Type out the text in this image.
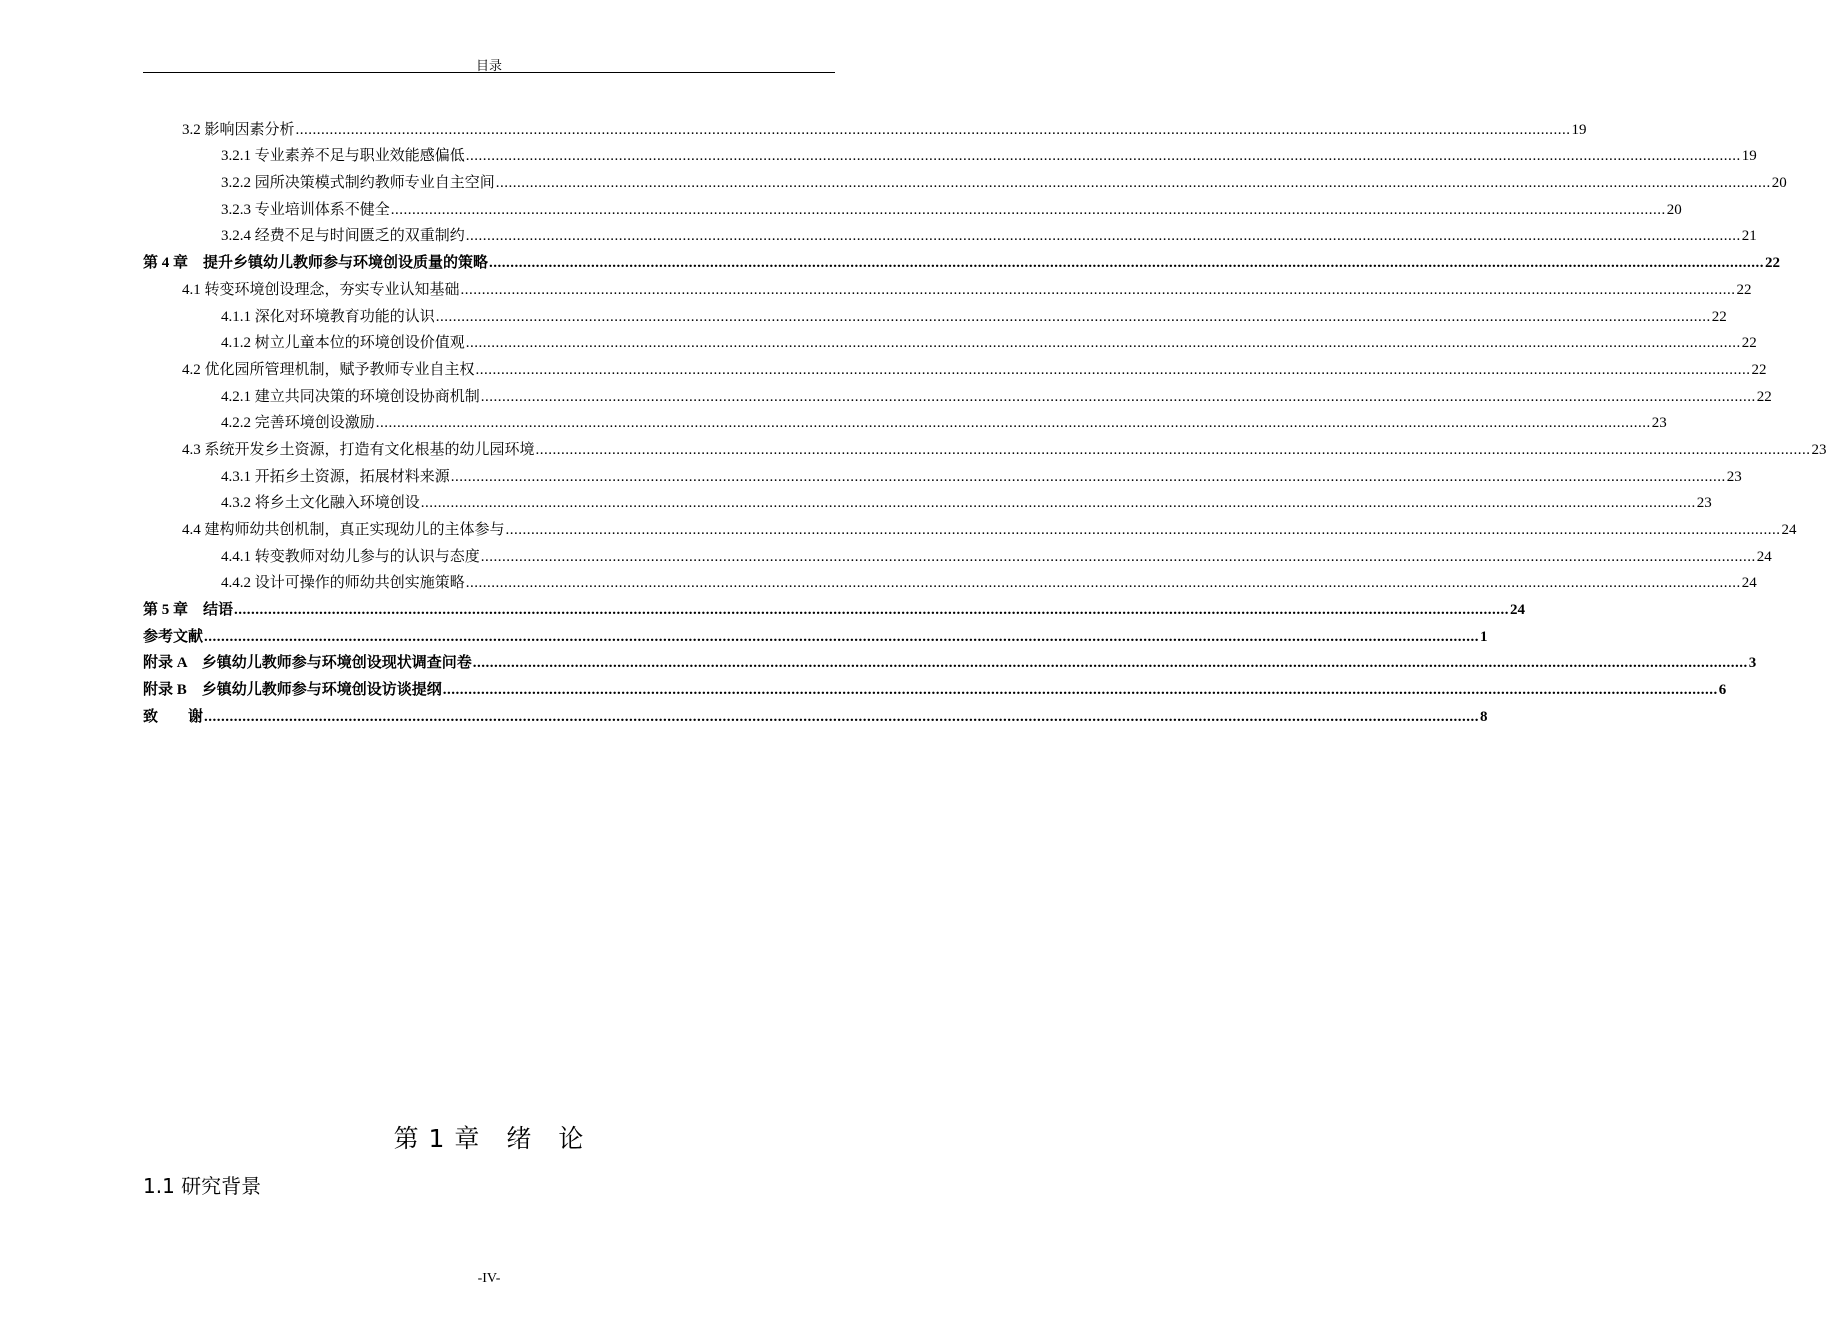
目录
3.2 影响因素分析 ............................................................................................................................................................................................................................................................................................................ 19
3.2.1 专业素养不足与职业效能感偏低 ............................................................................................................................................................................................................................................................................................................ 19
3.2.2 园所决策模式制约教师专业自主空间 ............................................................................................................................................................................................................................................................................................................ 20
3.2.3 专业培训体系不健全 ............................................................................................................................................................................................................................................................................................................ 20
3.2.4 经费不足与时间匮乏的双重制约 ............................................................................................................................................................................................................................................................................................................ 21
第 4 章　提升乡镇幼儿教师参与环境创设质量的策略 ............................................................................................................................................................................................................................................................................................................ 22
4.1 转变环境创设理念，夯实专业认知基础 ............................................................................................................................................................................................................................................................................................................ 22
4.1.1 深化对环境教育功能的认识 ............................................................................................................................................................................................................................................................................................................ 22
4.1.2 树立儿童本位的环境创设价值观 ............................................................................................................................................................................................................................................................................................................ 22
4.2 优化园所管理机制，赋予教师专业自主权 ............................................................................................................................................................................................................................................................................................................ 22
4.2.1 建立共同决策的环境创设协商机制 ............................................................................................................................................................................................................................................................................................................ 22
4.2.2 完善环境创设激励 ............................................................................................................................................................................................................................................................................................................ 23
4.3 系统开发乡土资源，打造有文化根基的幼儿园环境 ............................................................................................................................................................................................................................................................................................................ 23
4.3.1 开拓乡土资源，拓展材料来源 ............................................................................................................................................................................................................................................................................................................ 23
4.3.2 将乡土文化融入环境创设 ............................................................................................................................................................................................................................................................................................................ 23
4.4 建构师幼共创机制，真正实现幼儿的主体参与 ............................................................................................................................................................................................................................................................................................................ 24
4.4.1 转变教师对幼儿参与的认识与态度 ............................................................................................................................................................................................................................................................................................................ 24
4.4.2 设计可操作的师幼共创实施策略 ............................................................................................................................................................................................................................................................................................................ 24
第 5 章　结语 ............................................................................................................................................................................................................................................................................................................ 24
参考文献 ............................................................................................................................................................................................................................................................................................................ 1
附录 A　乡镇幼儿教师参与环境创设现状调查问卷 ............................................................................................................................................................................................................................................................................................................ 3
附录 B　乡镇幼儿教师参与环境创设访谈提纲 ............................................................................................................................................................................................................................................................................................................ 6
致　　谢 ............................................................................................................................................................................................................................................................................................................ 8
第 1 章　绪　论
1.1 研究背景
-IV-
